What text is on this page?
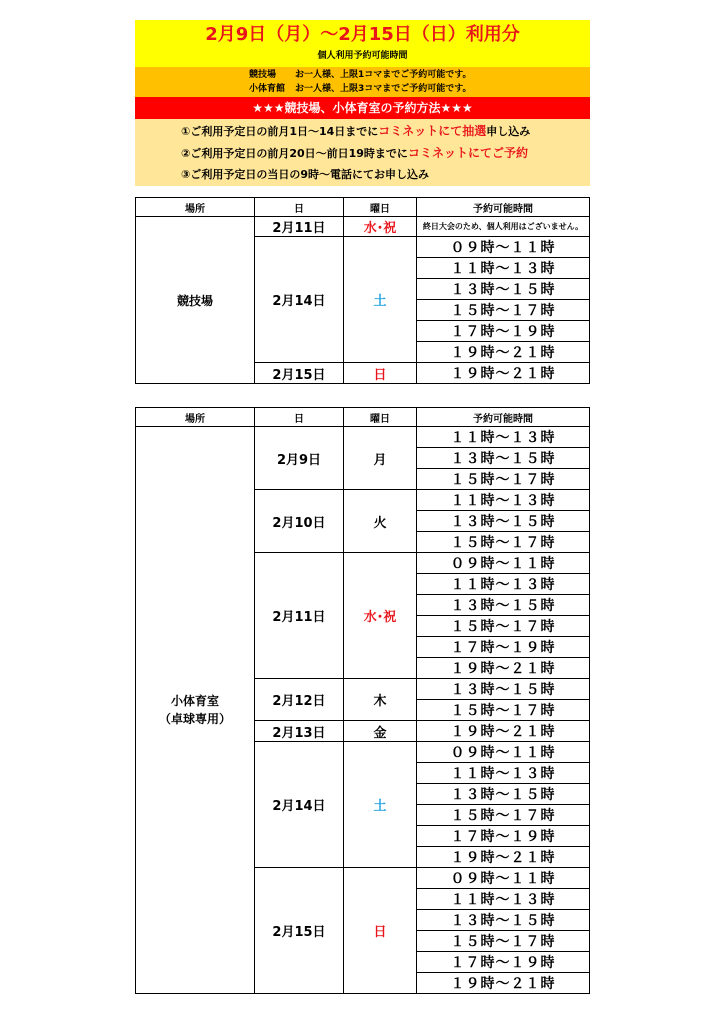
2月9日（月）～2月15日（日）利用分
個人利用予約可能時間
競技場 お一人様、上限1コマまでご予約可能です。
小体育館 お一人様、上限3コマまでご予約可能です。
★★★競技場、小体育室の予約方法★★★
①ご利用予定日の前月1日～14日までにコミネットにて抽選申し込み
②ご利用予定日の前月20日～前日19時までにコミネットにてご予約
③ご利用予定日の当日の9時～電話にてお申し込み
場所	日	曜日	予約可能時間
競技場	2月11日	水･祝	終日大会のため、個人利用はございません。
	2月14日	土	０９時～１１時
			１１時～１３時
			１３時～１５時
			１５時～１７時
			１７時～１９時
			１９時～２１時
	2月15日	日	１９時～２１時
場所	日	曜日	予約可能時間

小体育室
（卓球専用）	2月9日	月	１１時～１３時
			１３時～１５時
			１５時～１７時
	2月10日	火	１１時～１３時
			１３時～１５時
			１５時～１７時
	2月11日	水･祝	０９時～１１時
			１１時～１３時
			１３時～１５時
			１５時～１７時
			１７時～１９時
			１９時～２１時
	2月12日	木	１３時～１５時
			１５時～１７時
	2月13日	金	１９時～２１時
	2月14日	土	０９時～１１時
			１１時～１３時
			１３時～１５時
			１５時～１７時
			１７時～１９時
			１９時～２１時
	2月15日	日	０９時～１１時
			１１時～１３時
			１３時～１５時
			１５時～１７時
			１７時～１９時
			１９時～２１時
